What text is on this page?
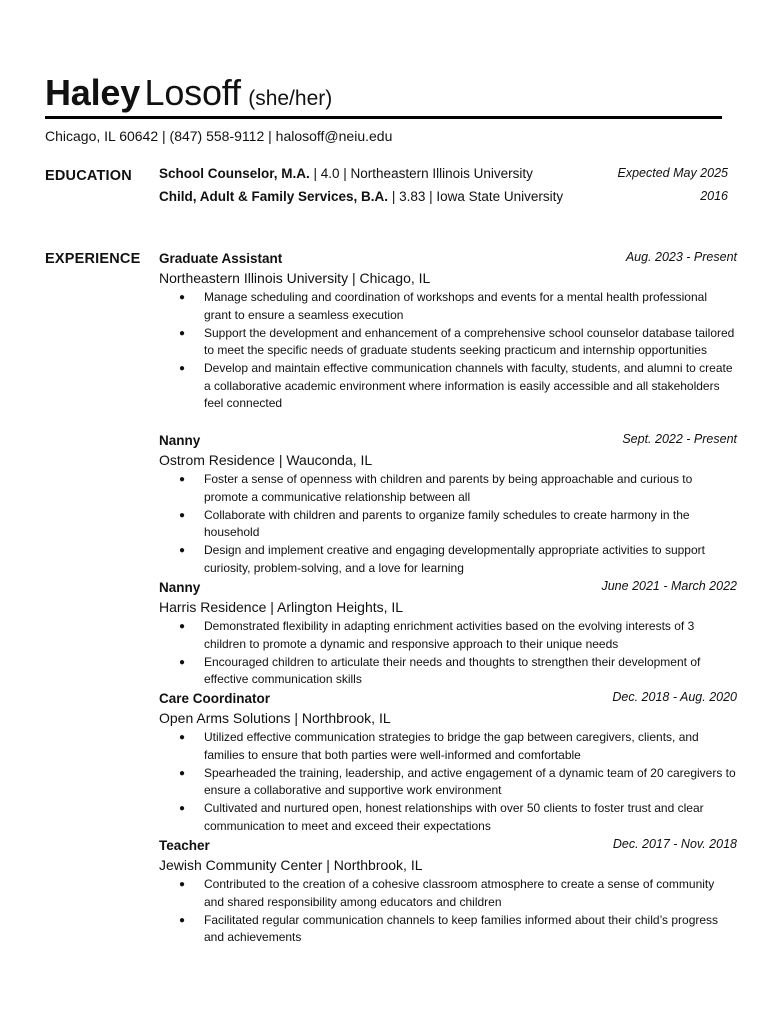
Haley Losoff (she/her)
Chicago, IL 60642 | (847) 558-9112 | halosoff@neiu.edu
EDUCATION School Counselor, M.A. | 4.0 | Northeastern Illinois University	Expected May 2025
Child, Adult & Family Services, B.A. | 3.83 | Iowa State University	2016
EXPERIENCE Graduate Assistant	Aug. 2023 - Present
Northeastern Illinois University | Chicago, IL
● Manage scheduling and coordination of workshops and events for a mental health professional grant to ensure a seamless execution
● Support the development and enhancement of a comprehensive school counselor database tailored to meet the specific needs of graduate students seeking practicum and internship opportunities
● Develop and maintain effective communication channels with faculty, students, and alumni to create a collaborative academic environment where information is easily accessible and all stakeholders feel connected
Nanny	Sept. 2022 - Present
Ostrom Residence | Wauconda, IL
● Foster a sense of openness with children and parents by being approachable and curious to promote a communicative relationship between all
● Collaborate with children and parents to organize family schedules to create harmony in the household
● Design and implement creative and engaging developmentally appropriate activities to support curiosity, problem-solving, and a love for learning
Nanny	June 2021 - March 2022
Harris Residence | Arlington Heights, IL
● Demonstrated flexibility in adapting enrichment activities based on the evolving interests of 3 children to promote a dynamic and responsive approach to their unique needs
● Encouraged children to articulate their needs and thoughts to strengthen their development of effective communication skills
Care Coordinator	Dec. 2018 - Aug. 2020
Open Arms Solutions | Northbrook, IL
● Utilized effective communication strategies to bridge the gap between caregivers, clients, and families to ensure that both parties were well-informed and comfortable
● Spearheaded the training, leadership, and active engagement of a dynamic team of 20 caregivers to ensure a collaborative and supportive work environment
● Cultivated and nurtured open, honest relationships with over 50 clients to foster trust and clear communication to meet and exceed their expectations
Teacher	Dec. 2017 - Nov. 2018
Jewish Community Center | Northbrook, IL
● Contributed to the creation of a cohesive classroom atmosphere to create a sense of community and shared responsibility among educators and children
● Facilitated regular communication channels to keep families informed about their child’s progress and achievements
